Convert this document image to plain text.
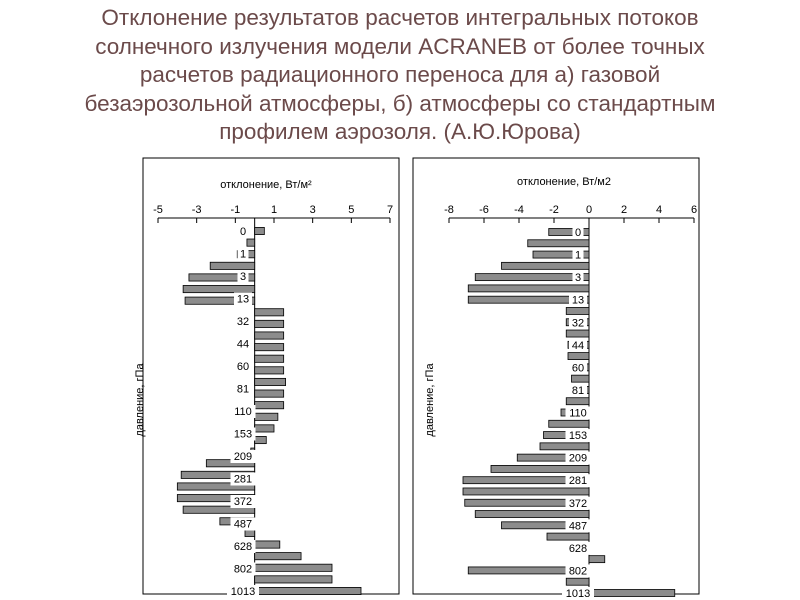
Отклонение результатов расчетов интегральных потоков
солнечного излучения модели ACRANEB от более точных
расчетов радиационного переноса для а) газовой
безаэрозольной атмосферы, б) атмосферы со стандартным
профилем аэрозоля. (А.Ю.Юрова)
отклонение, Вт/м²
-5	-3	-1	1	3	5	7
0
1
3
13
32
44
60
81
110
153
209
281
372
487
628
802
1013
давление, гПа
отклонение, Вт/м2
-8 -6 -4 -2 0	2	4	6
0
1
3
13
32
44
60
81
110
153
209
281
372
487
628
802
1013
давление, гПа
